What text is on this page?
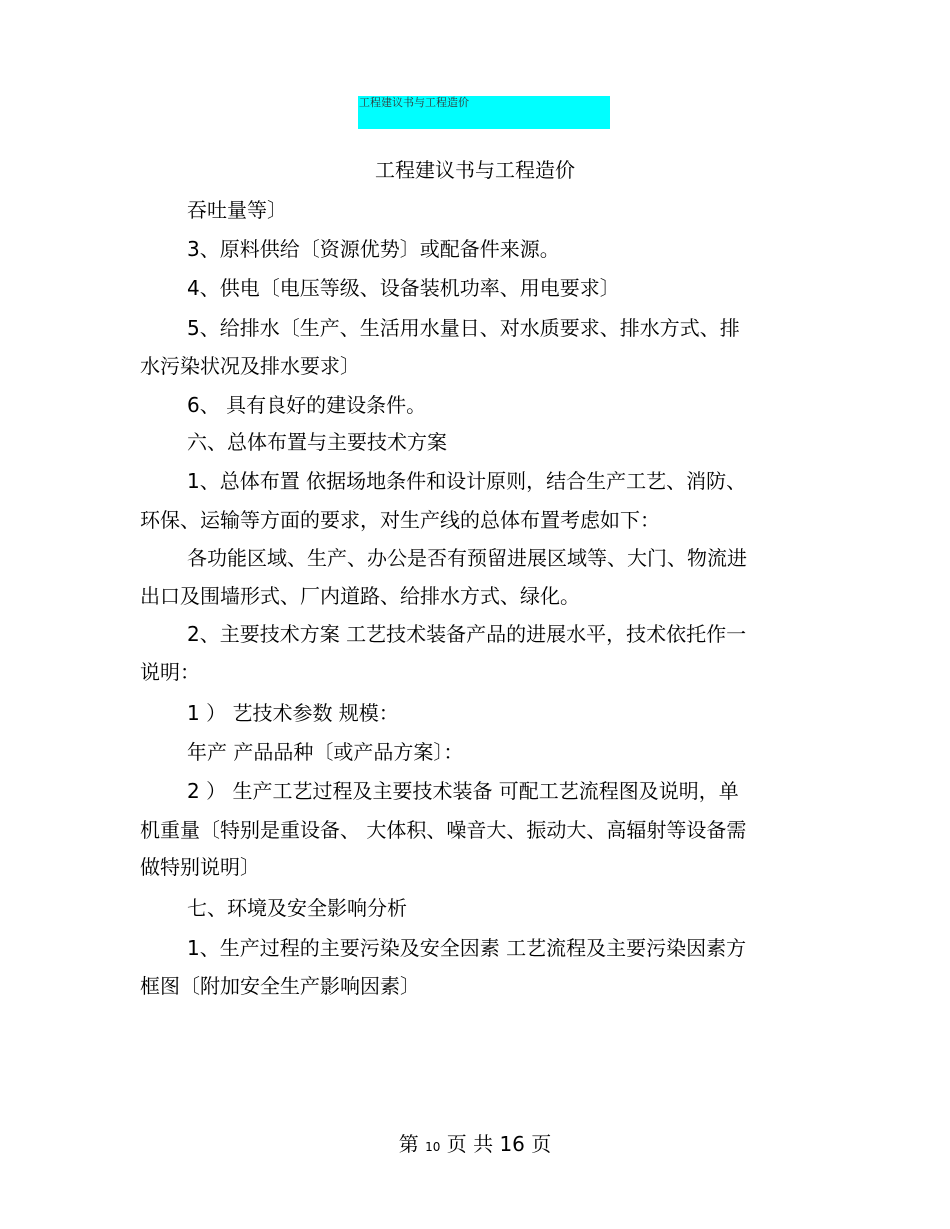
工程建议书与工程造价
工程建议书与工程造价
吞吐量等〕
3、原料供给〔资源优势〕或配备件来源。
4、供电〔电压等级、设备装机功率、用电要求〕
5、给排水〔生产、生活用水量日、对水质要求、排水方式、排
水污染状况及排水要求〕
6、 具有良好的建设条件。
六、总体布置与主要技术方案
1、总体布置 依据场地条件和设计原则，结合生产工艺、消防、
环保、运输等方面的要求，对生产线的总体布置考虑如下：
各功能区域、生产、办公是否有预留进展区域等、大门、物流进
出口及围墙形式、厂内道路、给排水方式、绿化。
2、主要技术方案 工艺技术装备产品的进展水平，技术依托作一
说明：
1 ） 艺技术参数 规模：
年产 产品品种〔或产品方案〕：
2 ） 生产工艺过程及主要技术装备 可配工艺流程图及说明，单
机重量〔特别是重设备、 大体积、噪音大、振动大、高辐射等设备需
做特别说明〕
七、环境及安全影响分析
1、生产过程的主要污染及安全因素 工艺流程及主要污染因素方
框图〔附加安全生产影响因素〕
第 10 页 共 16 页
